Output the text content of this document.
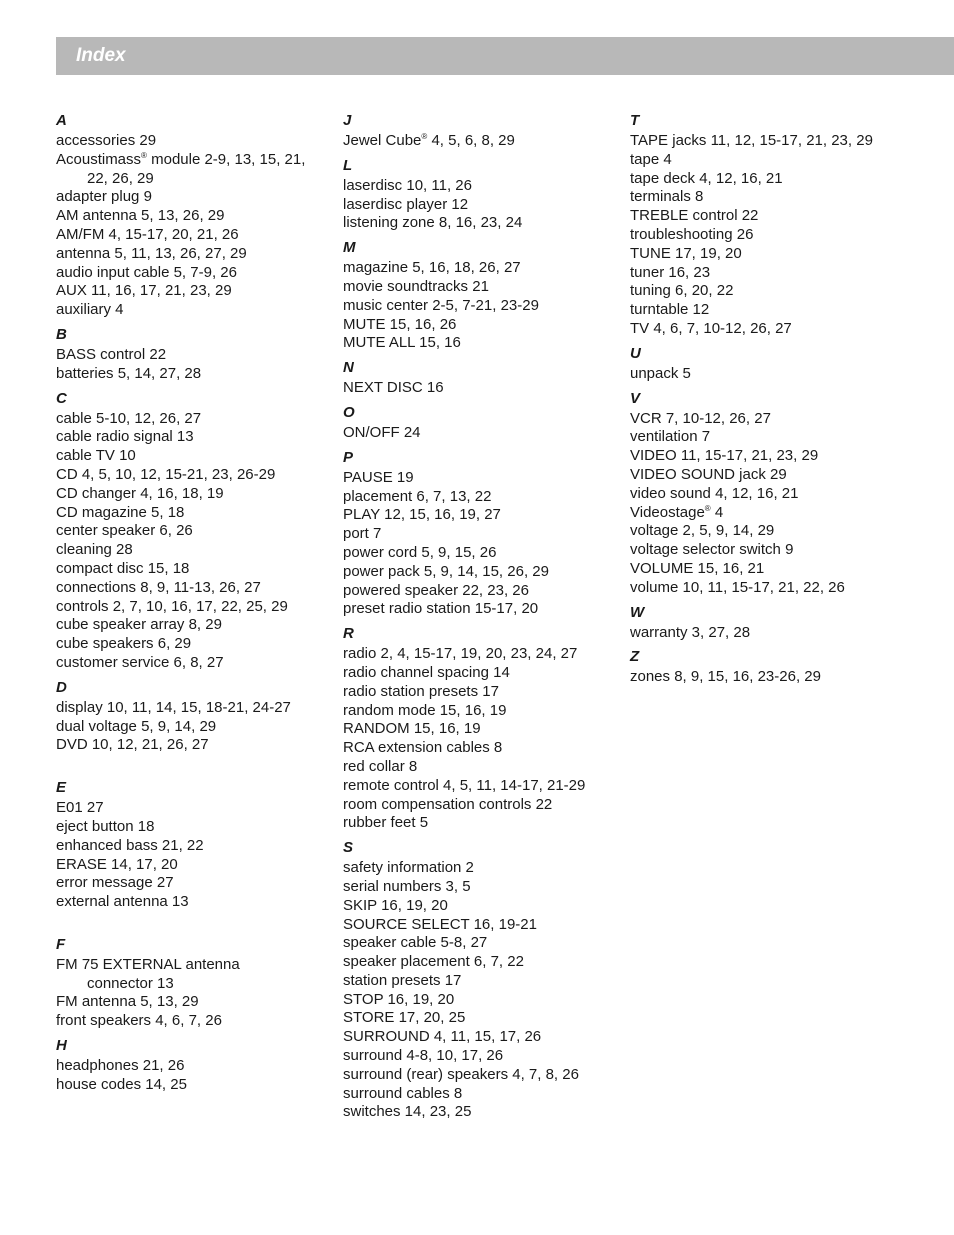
Index
A
accessories 29
Acoustimass® module 2-9, 13, 15, 21,
22, 26, 29
adapter plug 9
AM antenna 5, 13, 26, 29
AM/FM 4, 15-17, 20, 21, 26
antenna 5, 11, 13, 26, 27, 29
audio input cable 5, 7-9, 26
AUX 11, 16, 17, 21, 23, 29
auxiliary 4
B
BASS control 22
batteries 5, 14, 27, 28
C
cable 5-10, 12, 26, 27
cable radio signal 13
cable TV 10
CD 4, 5, 10, 12, 15-21, 23, 26-29
CD changer 4, 16, 18, 19
CD magazine 5, 18
center speaker 6, 26
cleaning 28
compact disc 15, 18
connections 8, 9, 11-13, 26, 27
controls 2, 7, 10, 16, 17, 22, 25, 29
cube speaker array 8, 29
cube speakers 6, 29
customer service 6, 8, 27
D
display 10, 11, 14, 15, 18-21, 24-27
dual voltage 5, 9, 14, 29
DVD 10, 12, 21, 26, 27
E
E01 27
eject button 18
enhanced bass 21, 22
ERASE 14, 17, 20
error message 27
external antenna 13
F
FM 75 EXTERNAL antenna
connector 13
FM antenna 5, 13, 29
front speakers 4, 6, 7, 26
H
headphones 21, 26
house codes 14, 25
J
Jewel Cube® 4, 5, 6, 8, 29
L
laserdisc 10, 11, 26
laserdisc player 12
listening zone 8, 16, 23, 24
M
magazine 5, 16, 18, 26, 27
movie soundtracks 21
music center 2-5, 7-21, 23-29
MUTE 15, 16, 26
MUTE ALL 15, 16
N
NEXT DISC 16
O
ON/OFF 24
P
PAUSE 19
placement 6, 7, 13, 22
PLAY 12, 15, 16, 19, 27
port 7
power cord 5, 9, 15, 26
power pack 5, 9, 14, 15, 26, 29
powered speaker 22, 23, 26
preset radio station 15-17, 20
R
radio 2, 4, 15-17, 19, 20, 23, 24, 27
radio channel spacing 14
radio station presets 17
random mode 15, 16, 19
RANDOM 15, 16, 19
RCA extension cables 8
red collar 8
remote control 4, 5, 11, 14-17, 21-29
room compensation controls 22
rubber feet 5
S
safety information 2
serial numbers 3, 5
SKIP 16, 19, 20
SOURCE SELECT 16, 19-21
speaker cable 5-8, 27
speaker placement 6, 7, 22
station presets 17
STOP 16, 19, 20
STORE 17, 20, 25
SURROUND 4, 11, 15, 17, 26
surround 4-8, 10, 17, 26
surround (rear) speakers 4, 7, 8, 26
surround cables 8
switches 14, 23, 25
T
TAPE jacks 11, 12, 15-17, 21, 23, 29
tape 4
tape deck 4, 12, 16, 21
terminals 8
TREBLE control 22
troubleshooting 26
TUNE 17, 19, 20
tuner 16, 23
tuning 6, 20, 22
turntable 12
TV 4, 6, 7, 10-12, 26, 27
U
unpack 5
V
VCR 7, 10-12, 26, 27
ventilation 7
VIDEO 11, 15-17, 21, 23, 29
VIDEO SOUND jack 29
video sound 4, 12, 16, 21
Videostage® 4
voltage 2, 5, 9, 14, 29
voltage selector switch 9
VOLUME 15, 16, 21
volume 10, 11, 15-17, 21, 22, 26
W
warranty 3, 27, 28
Z
zones 8, 9, 15, 16, 23-26, 29
